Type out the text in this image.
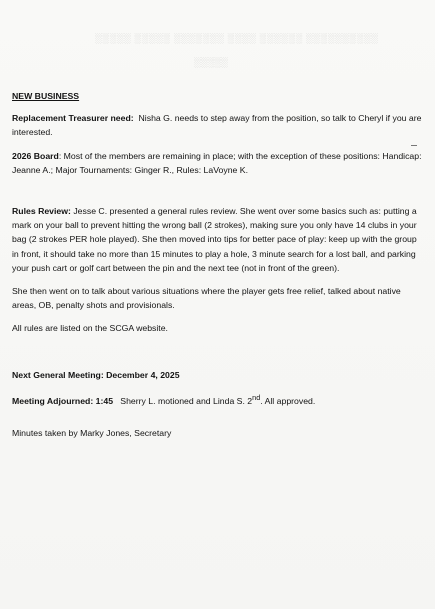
░░░░░ ░░░░░ ░░░░░░░ ░░░░ ░░░░░░ ░░░░░░░░░░
░░░░░

NEW BUSINESS

Replacement Treasurer need: Nisha G. needs to step away from the position, so talk to Cheryl if you are interested.

2026 Board: Most of the members are remaining in place; with the exception of these positions: Handicap: Jeanne A.; Major Tournaments: Ginger R., Rules: LaVoyne K.

Rules Review: Jesse C. presented a general rules review. She went over some basics such as: putting a mark on your ball to prevent hitting the wrong ball (2 strokes), making sure you only have 14 clubs in your bag (2 strokes PER hole played). She then moved into tips for better pace of play: keep up with the group in front, it should take no more than 15 minutes to play a hole, 3 minute search for a lost ball, and parking your push cart or golf cart between the pin and the next tee (not in front of the green).

She then went on to talk about various situations where the player gets free relief, talked about native areas, OB, penalty shots and provisionals.

All rules are listed on the SCGA website.

Next General Meeting: December 4, 2025

Meeting Adjourned: 1:45 Sherry L. motioned and Linda S. 2nd. All approved.

Minutes taken by Marky Jones, Secretary
